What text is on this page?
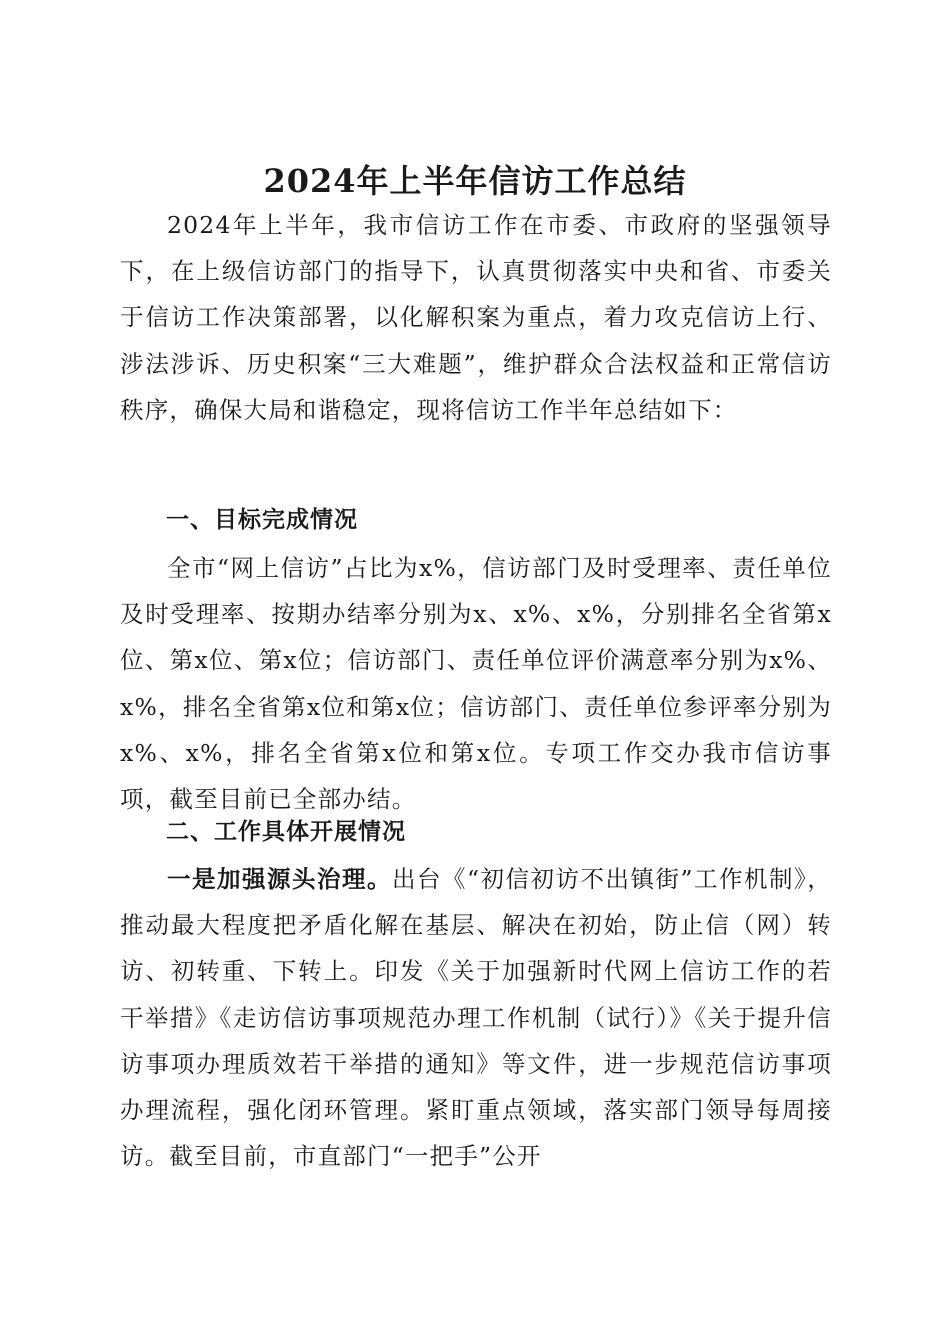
2024年上半年信访工作总结

2024年上半年，我市信访工作在市委、市政府的坚强领导下，在上级信访部门的指导下，认真贯彻落实中央和省、市委关于信访工作决策部署，以化解积案为重点，着力攻克信访上行、涉法涉诉、历史积案“三大难题”，维护群众合法权益和正常信访秩序，确保大局和谐稳定，现将信访工作半年总结如下：

一、目标完成情况

全市“网上信访”占比为x%，信访部门及时受理率、责任单位及时受理率、按期办结率分别为x、x%、x%，分别排名全省第x位、第x位、第x位；信访部门、责任单位评价满意率分别为x%、x%，排名全省第x位和第x位；信访部门、责任单位参评率分别为x%、x%，排名全省第x位和第x位。专项工作交办我市信访事项，截至目前已全部办结。

二、工作具体开展情况

一是加强源头治理。出台《“初信初访不出镇街”工作机制》，推动最大程度把矛盾化解在基层、解决在初始，防止信（网）转访、初转重、下转上。印发《关于加强新时代网上信访工作的若干举措》《走访信访事项规范办理工作机制（试行）》《关于提升信访事项办理质效若干举措的通知》等文件，进一步规范信访事项办理流程，强化闭环管理。紧盯重点领域，落实部门领导每周接访。截至目前，市直部门“一把手”公开
